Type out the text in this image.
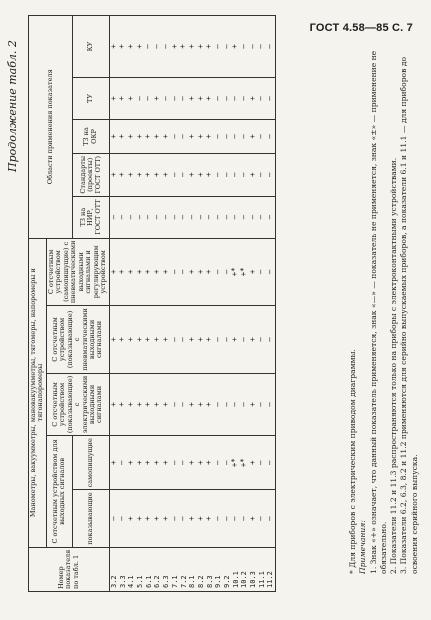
ГОСТ 4.58—85 С. 7
Продолжение табл. 2
Номер показателя по табл. 1	Манометры, вакуумметры, мановакуумметры, тягомеры, напоромеры и тягонапоромеры					Области применения показателя				
	С отсчетным устройством для выходных сигналов		С отсчетным устройством (показывающие) с электрическими выходными сигналами	С отсчетным устройством (показывающие) с пневматическими выходными сигналами	С отсчетным устройством (самопишущие) с пневматическими выходными сигналами и регулирующим устройством					
	показывающие	самопишущие				ТЗ на НИР, ГОСТ ОТТ	Стандарты (проекты) ГОСТ ОТТ)	ТЗ на ОКР	ТУ	КУ
3.2	—	+	+	+	+	—	+	+	+	+
3.3	—	—	+	+	+	—	+	+	+	+
4.1	+	+	+	+	+	—	+	+	+	+
5.1	+	+	+	+	+	—	+	+	—	+
6.1	+	+	+	+	+	—	+	+	—	—
6.2	+	+	+	+	+	—	+	+	+	—
6.3	+	+	+	+	+	—	+	+	—	—
7.1	—	—	—	—	—	—	—	—	—	+
7.2	—	—	—	—	—	—	—	—	—	+
8.1	+	+	+	+	+	—	+	+	+	+
8.2	+	+	+	+	+	—	+	+	+	+
8.3	+	+	+	+	+	—	+	+	+	+
9.1	—	—	—	—	—	—	—	—	—	—
9.2	—	—	—	—	—	—	—	—	—	—
10.1	—	+*	—	+	+*	—	—	—	—	+
10.2	—	+*	—	—	+*	—	—	—	—	—
10.3	+	+	+	+	+	—	+	+	+	—
11.1	—	—	—	—	—	—	—	—	—	—
11.2	—	—	—	—	—	—	—	—	—	—

* Для приборов с электрическим приводом диаграммы. Примечания: 1. Знак «+» означает, что данный показатель применяется, знак «—» — показатель не применяется, знак «±» — применение не обязательно. 2. Показатели 11.2 и 11.3 распространяются только на приборы с электроконтактными устройствами. 3. Показатели 6.2, 6.3, 8.2 и 11.2 применяются для серийно выпускаемых приборов, а показатели 6.1 и 11.1 — для приборов до освоения серийного выпуска.
